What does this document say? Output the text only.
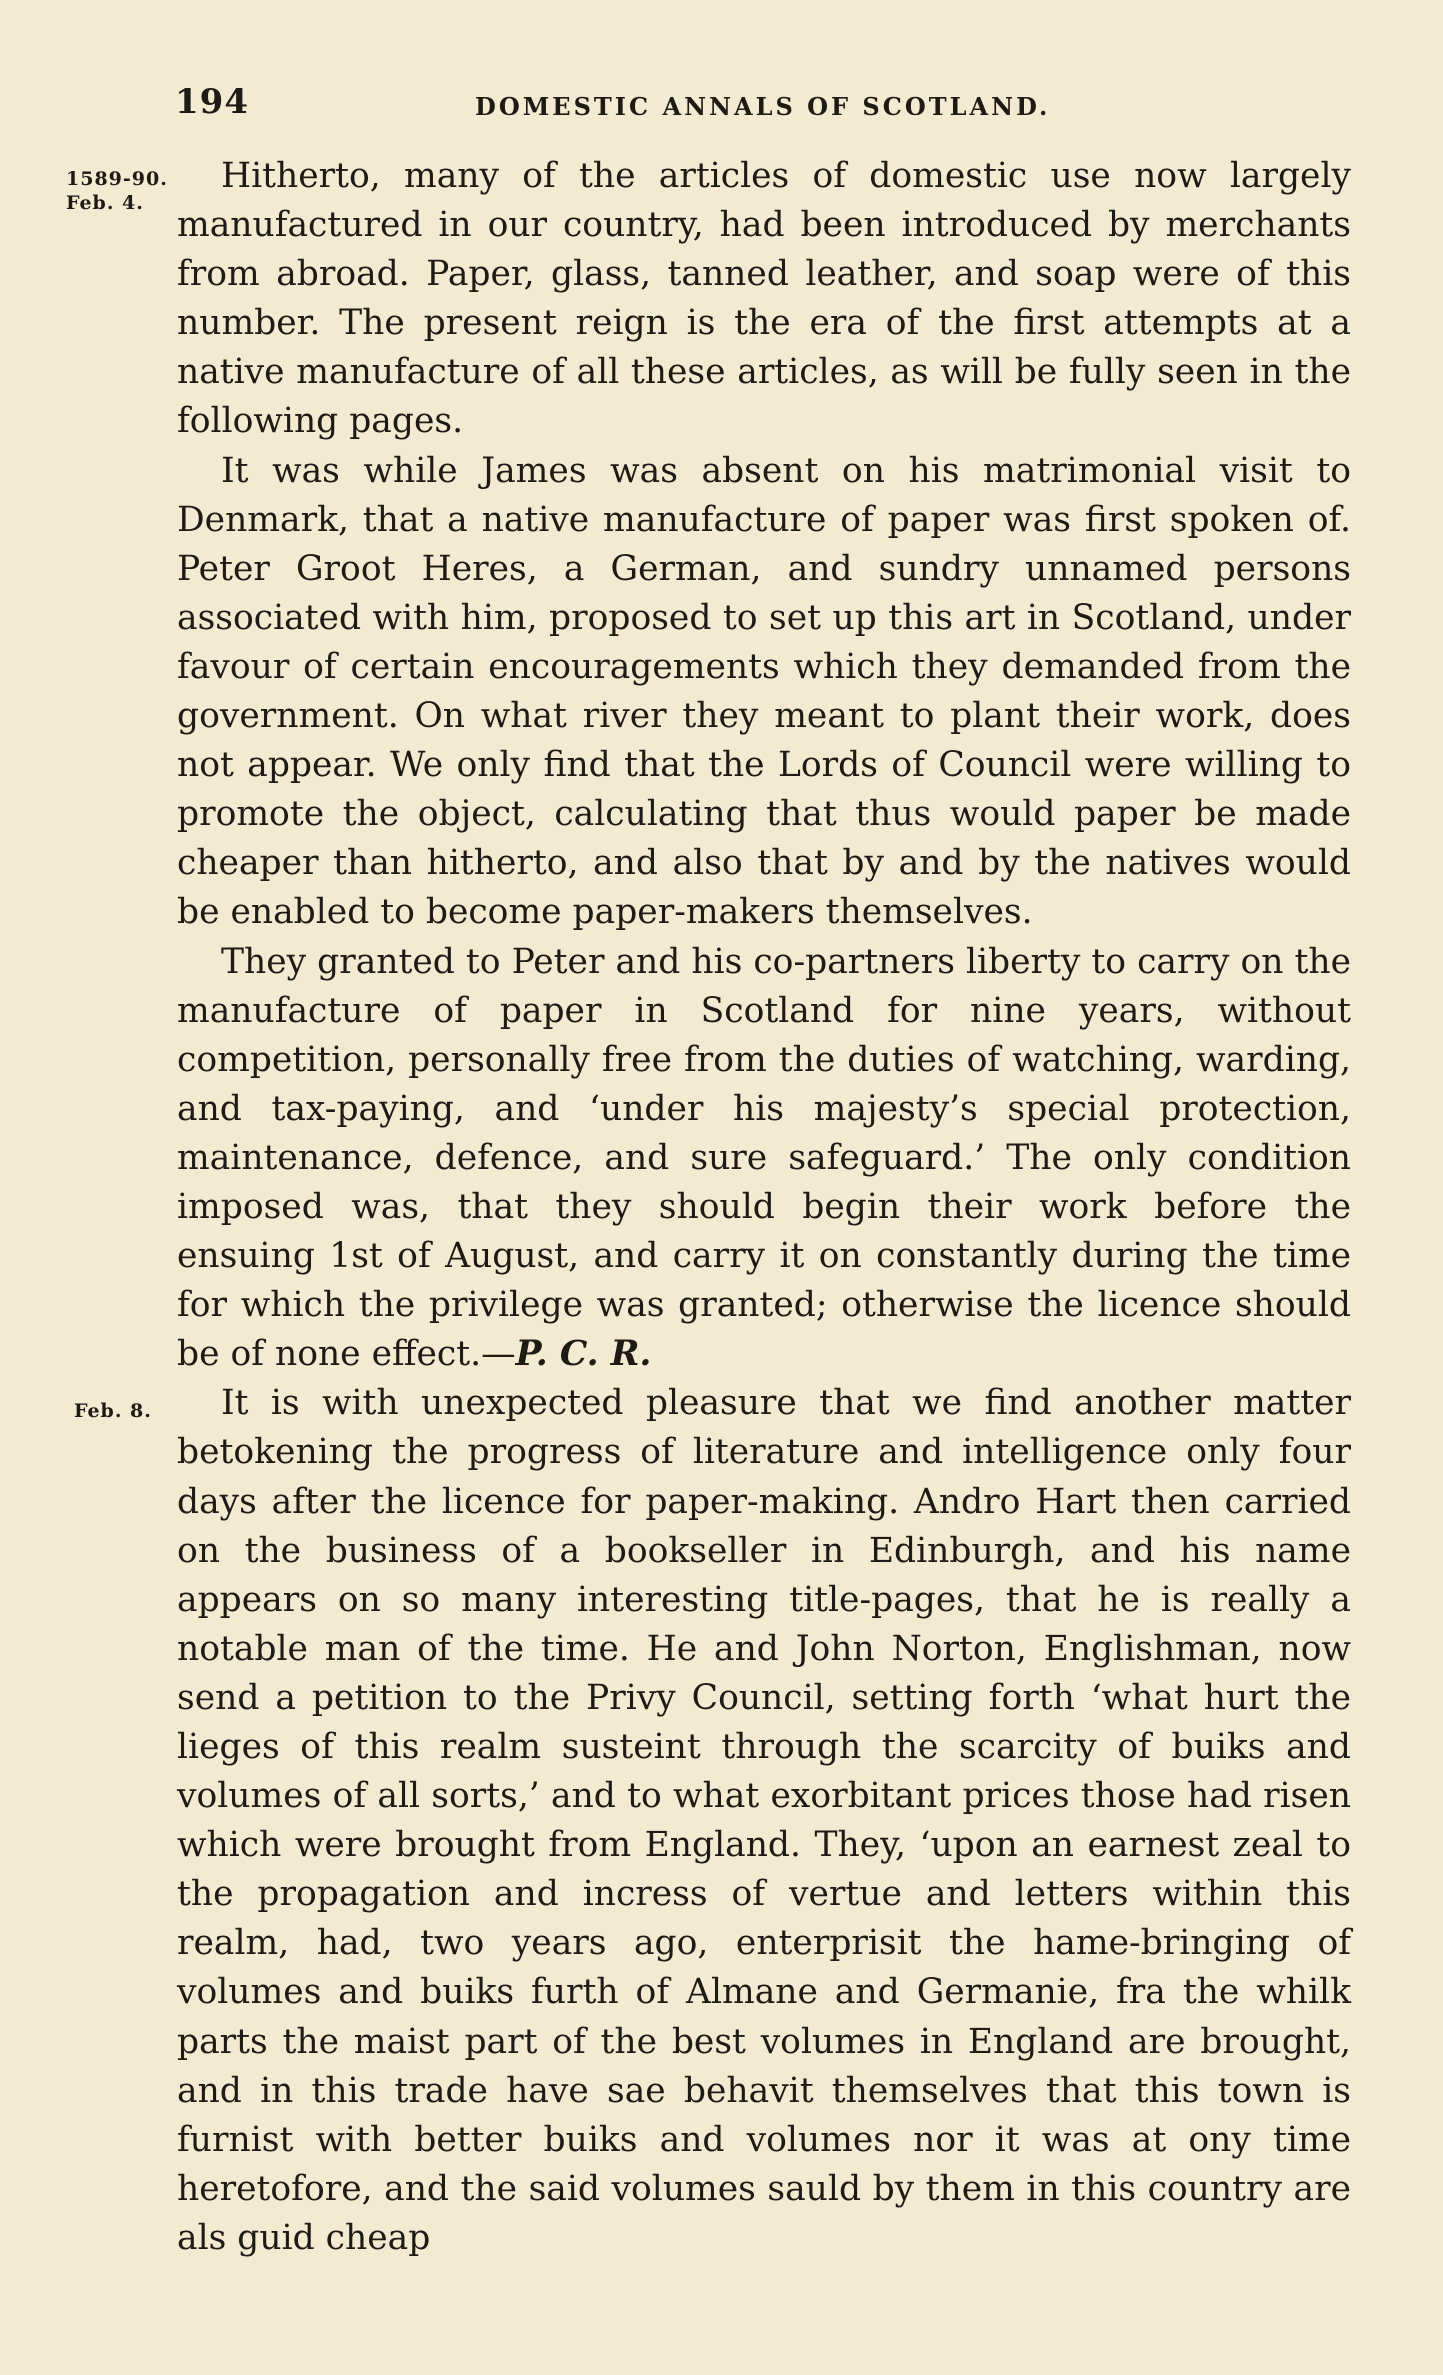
194	DOMESTIC ANNALS OF SCOTLAND.
1589-90.
Feb. 4.
Feb. 8.

Hitherto, many of the articles of domestic use now largely manufactured in our country, had been introduced by merchants from abroad. Paper, glass, tanned leather, and soap were of this number. The present reign is the era of the first attempts at a native manufacture of all these articles, as will be fully seen in the following pages.

It was while James was absent on his matrimonial visit to Denmark, that a native manufacture of paper was first spoken of. Peter Groot Heres, a German, and sundry unnamed persons associated with him, proposed to set up this art in Scotland, under favour of certain encouragements which they demanded from the government. On what river they meant to plant their work, does not appear. We only find that the Lords of Council were willing to promote the object, calculating that thus would paper be made cheaper than hitherto, and also that by and by the natives would be enabled to become paper-makers themselves.

They granted to Peter and his co-partners liberty to carry on the manufacture of paper in Scotland for nine years, without competition, personally free from the duties of watching, warding, and tax-paying, and ‘under his majesty’s special protection, maintenance, defence, and sure safeguard.’ The only condition imposed was, that they should begin their work before the ensuing 1st of August, and carry it on constantly during the time for which the privilege was granted; otherwise the licence should be of none effect.—P. C. R.

It is with unexpected pleasure that we find another matter betokening the progress of literature and intelligence only four days after the licence for paper-making. Andro Hart then carried on the business of a bookseller in Edinburgh, and his name appears on so many interesting title-pages, that he is really a notable man of the time. He and John Norton, Englishman, now send a petition to the Privy Council, setting forth ‘what hurt the lieges of this realm susteint through the scarcity of buiks and volumes of all sorts,’ and to what exorbitant prices those had risen which were brought from England. They, ‘upon an earnest zeal to the propagation and incress of vertue and letters within this realm, had, two years ago, enterprisit the hame-bringing of volumes and buiks furth of Almane and Germanie, fra the whilk parts the maist part of the best volumes in England are brought, and in this trade have sae behavit themselves that this town is furnist with better buiks and volumes nor it was at ony time heretofore, and the said volumes sauld by them in this country are als guid cheap
